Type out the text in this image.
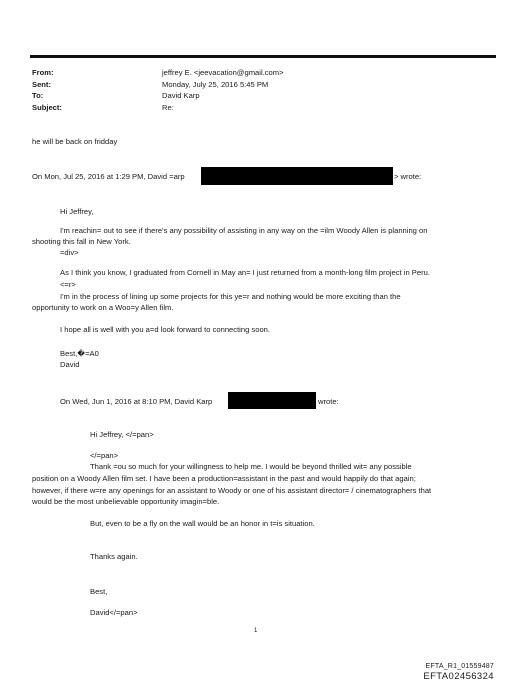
From:	jeffrey E. <jeevacation@gmail.com>
Sent:	Monday, July 25, 2016 5:45 PM
To:	David Karp
Subject:	Re:
he will be back on fridday
On Mon, Jul 25, 2016 at 1:29 PM, David =arp	> wrote:
Hi Jeffrey,
I'm reachin= out to see if there's any possibility of assisting in any way on the =ilm Woody Allen is planning on
shooting this fall in New York.
=div>
As I think you know, I graduated from Cornell in May an= I just returned from a month-long film project in Peru.
<=r>
I'm in the process of lining up some projects for this ye=r and nothing would be more exciting than the
opportunity to work on a Woo=y Allen film.
I hope all is well with you a=d look forward to connecting soon.
Best,�=A0
David
On Wed, Jun 1, 2016 at 8:10 PM, David Karp	wrote:
Hi Jeffrey, </=pan>
</=pan>
Thank =ou so much for your willingness to help me. I would be beyond thrilled wit= any possible
position on a Woody Allen film set. I have been a production=assistant in the past and would happily do that again;
however, if there w=re any openings for an assistant to Woody or one of his assistant director= / cinematographers that
would be the most unbelievable opportunity imagin=ble.
But, even to be a fly on the wall would be an honor in t=is situation.
Thanks again.
Best,
David</=pan>
1
EFTA_R1_01559487
EFTA02456324
